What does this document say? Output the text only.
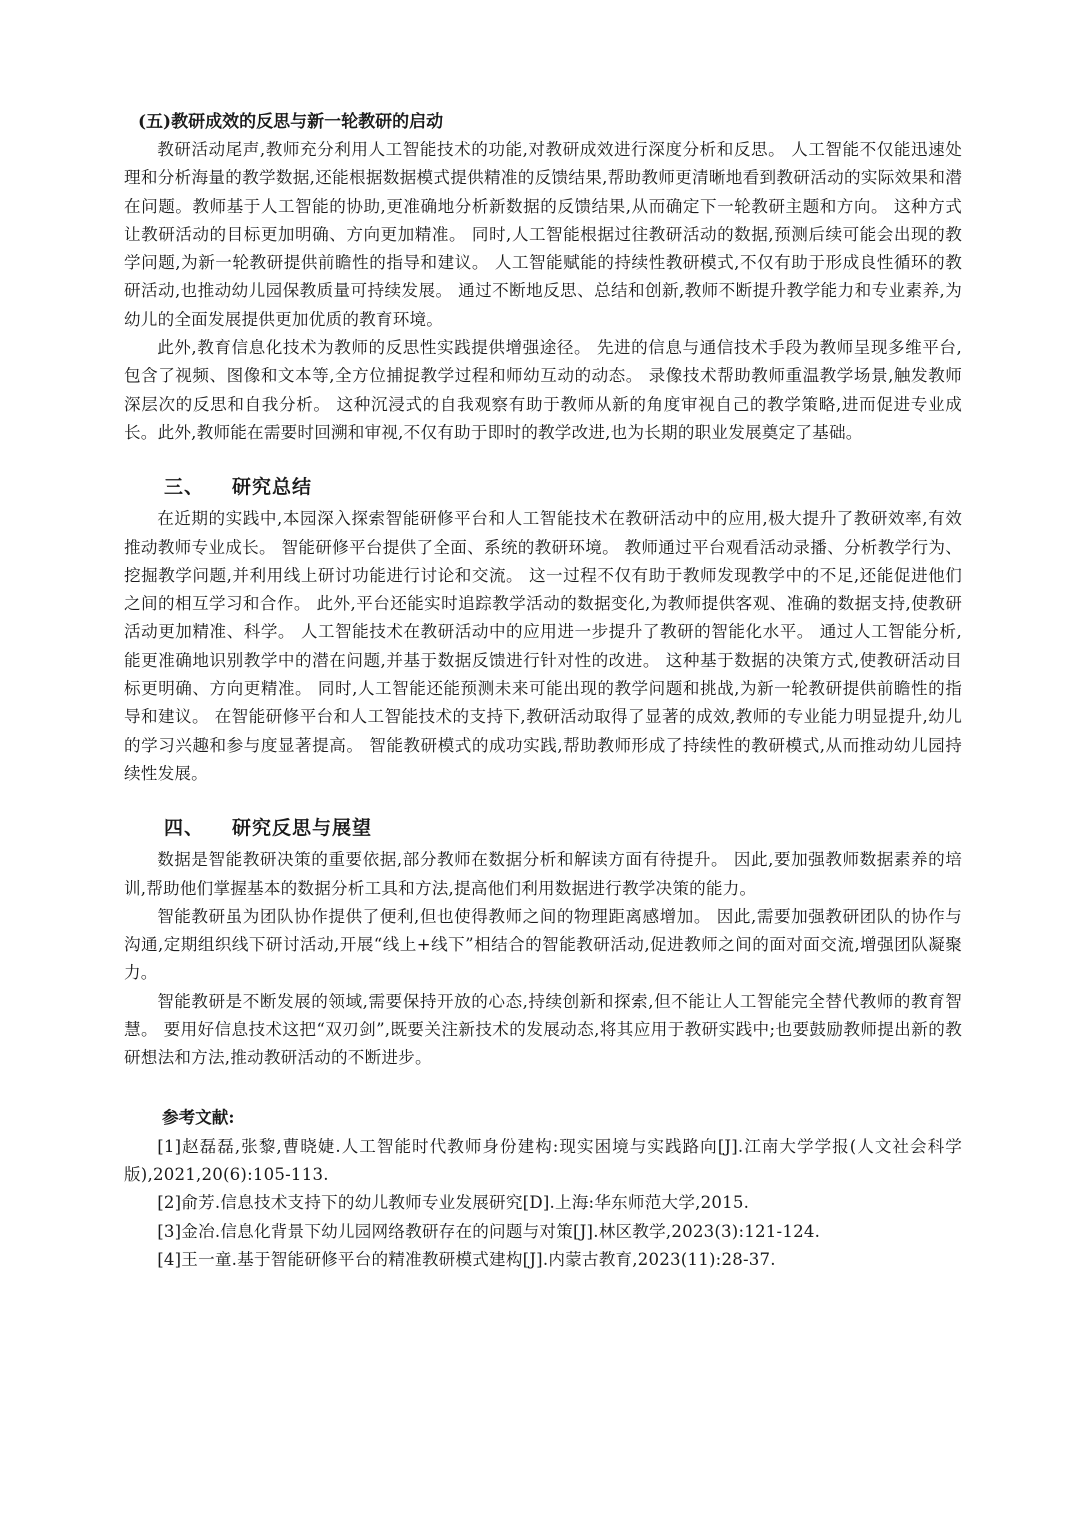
(五)教研成效的反思与新一轮教研的启动

教研活动尾声,教师充分利用人工智能技术的功能,对教研成效进行深度分析和反思。 人工智能不仅能迅速处理和分析海量的教学数据,还能根据数据模式提供精准的反馈结果,帮助教师更清晰地看到教研活动的实际效果和潜在问题。教师基于人工智能的协助,更准确地分析新数据的反馈结果,从而确定下一轮教研主题和方向。 这种方式让教研活动的目标更加明确、方向更加精准。 同时,人工智能根据过往教研活动的数据,预测后续可能会出现的教学问题,为新一轮教研提供前瞻性的指导和建议。 人工智能赋能的持续性教研模式,不仅有助于形成良性循环的教研活动,也推动幼儿园保教质量可持续发展。 通过不断地反思、总结和创新,教师不断提升教学能力和专业素养,为幼儿的全面发展提供更加优质的教育环境。

此外,教育信息化技术为教师的反思性实践提供增强途径。 先进的信息与通信技术手段为教师呈现多维平台,包含了视频、图像和文本等,全方位捕捉教学过程和师幼互动的动态。 录像技术帮助教师重温教学场景,触发教师深层次的反思和自我分析。 这种沉浸式的自我观察有助于教师从新的角度审视自己的教学策略,进而促进专业成长。此外,教师能在需要时回溯和审视,不仅有助于即时的教学改进,也为长期的职业发展奠定了基础。

三、 研究总结

在近期的实践中,本园深入探索智能研修平台和人工智能技术在教研活动中的应用,极大提升了教研效率,有效推动教师专业成长。 智能研修平台提供了全面、系统的教研环境。 教师通过平台观看活动录播、分析教学行为、挖掘教学问题,并利用线上研讨功能进行讨论和交流。 这一过程不仅有助于教师发现教学中的不足,还能促进他们之间的相互学习和合作。 此外,平台还能实时追踪教学活动的数据变化,为教师提供客观、准确的数据支持,使教研活动更加精准、科学。 人工智能技术在教研活动中的应用进一步提升了教研的智能化水平。 通过人工智能分析,能更准确地识别教学中的潜在问题,并基于数据反馈进行针对性的改进。 这种基于数据的决策方式,使教研活动目标更明确、方向更精准。 同时,人工智能还能预测未来可能出现的教学问题和挑战,为新一轮教研提供前瞻性的指导和建议。 在智能研修平台和人工智能技术的支持下,教研活动取得了显著的成效,教师的专业能力明显提升,幼儿的学习兴趣和参与度显著提高。 智能教研模式的成功实践,帮助教师形成了持续性的教研模式,从而推动幼儿园持续性发展。

四、 研究反思与展望

数据是智能教研决策的重要依据,部分教师在数据分析和解读方面有待提升。 因此,要加强教师数据素养的培训,帮助他们掌握基本的数据分析工具和方法,提高他们利用数据进行教学决策的能力。

智能教研虽为团队协作提供了便利,但也使得教师之间的物理距离感增加。 因此,需要加强教研团队的协作与沟通,定期组织线下研讨活动,开展“线上+线下”相结合的智能教研活动,促进教师之间的面对面交流,增强团队凝聚力。

智能教研是不断发展的领域,需要保持开放的心态,持续创新和探索,但不能让人工智能完全替代教师的教育智慧。 要用好信息技术这把“双刃剑”,既要关注新技术的发展动态,将其应用于教研实践中;也要鼓励教师提出新的教研想法和方法,推动教研活动的不断进步。

参考文献:

[1]赵磊磊,张黎,曹晓婕.人工智能时代教师身份建构:现实困境与实践路向[J].江南大学学报(人文社会科学版),2021,20(6):105-113.

[2]俞芳.信息技术支持下的幼儿教师专业发展研究[D].上海:华东师范大学,2015.

[3]金冶.信息化背景下幼儿园网络教研存在的问题与对策[J].林区教学,2023(3):121-124.

[4]王一童.基于智能研修平台的精准教研模式建构[J].内蒙古教育,2023(11):28-37.
